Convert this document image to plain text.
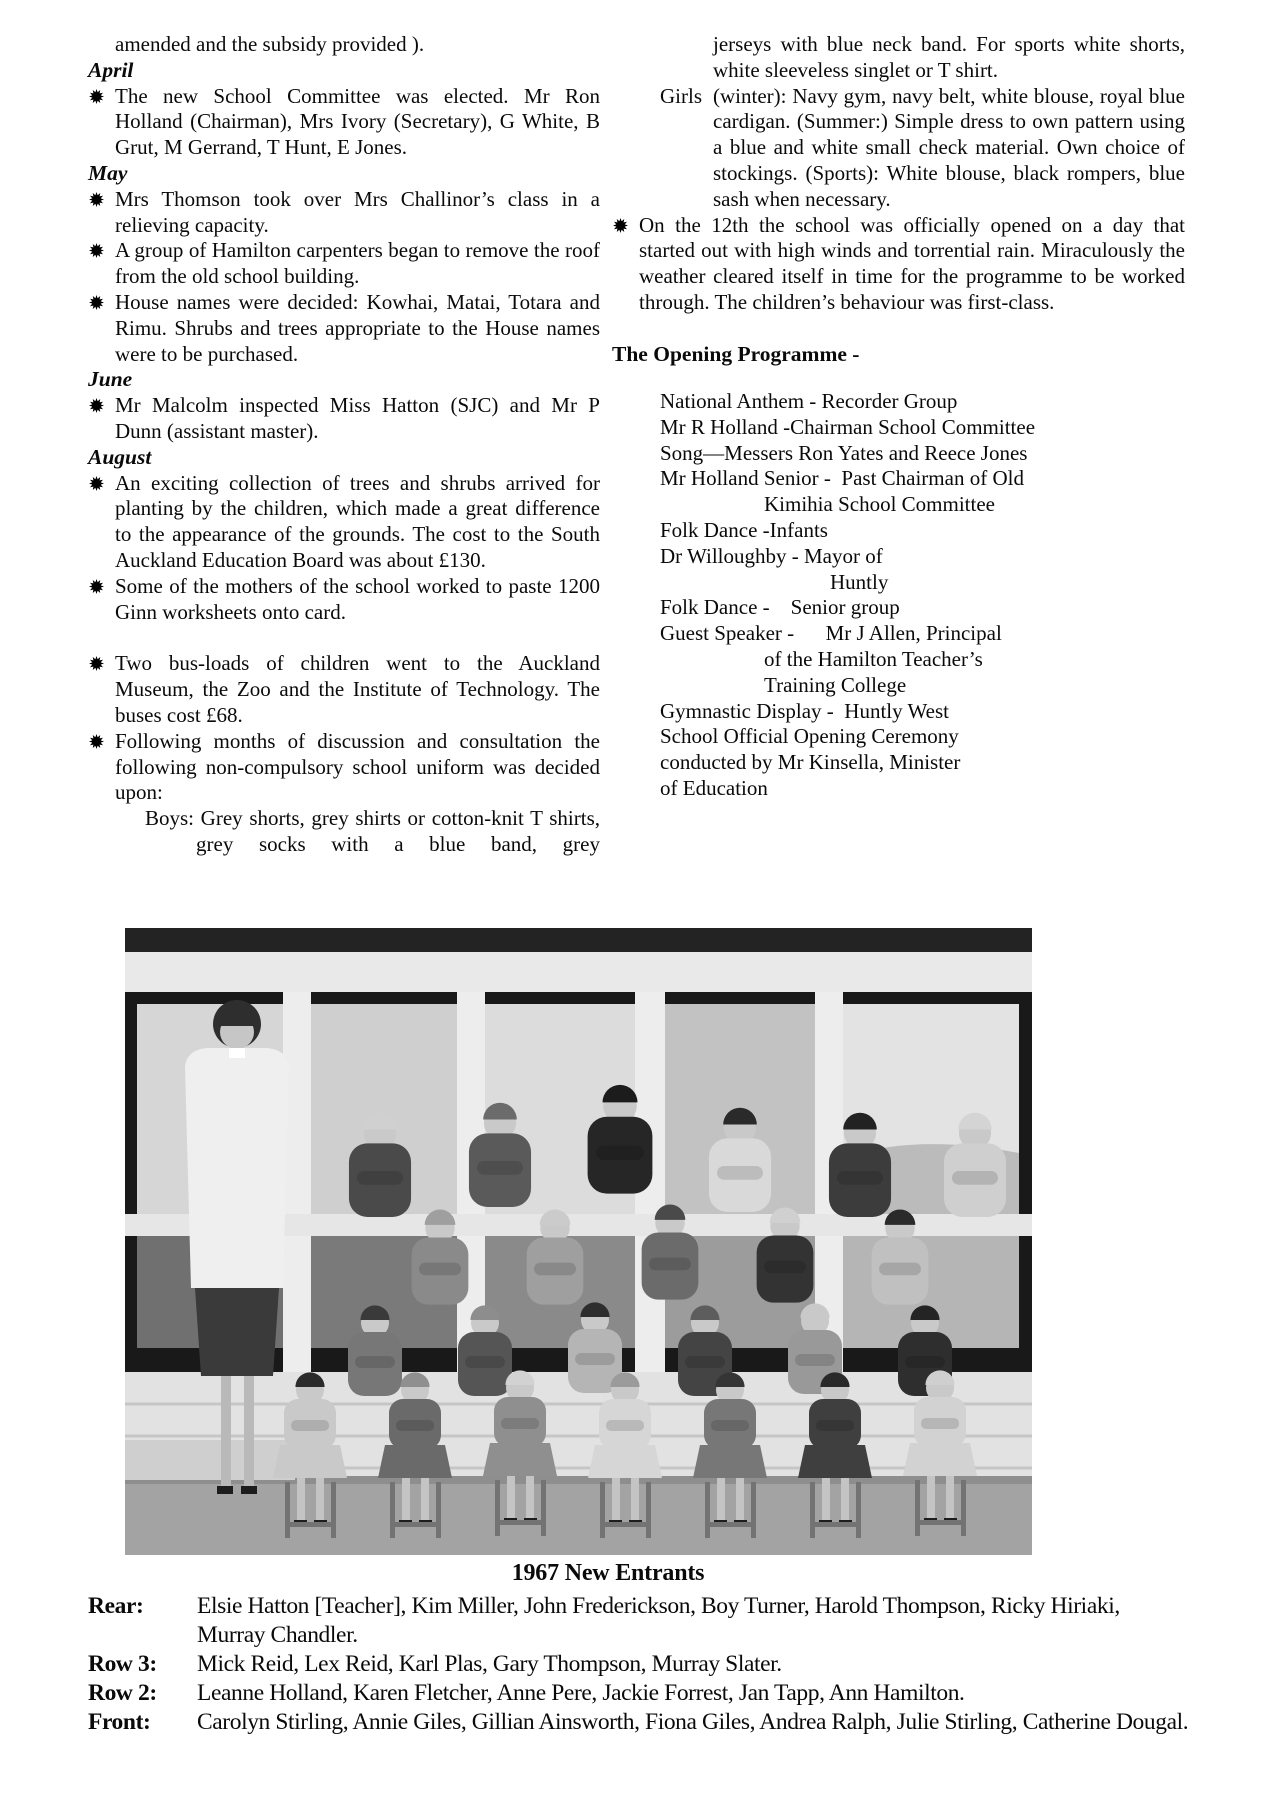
amended and the subsidy provided ).

April

The new School Committee was elected. Mr Ron Holland (Chairman), Mrs Ivory (Secretary), G White, B Grut, M Gerrand, T Hunt, E Jones.

May

Mrs Thomson took over Mrs Challinor’s class in a relieving capacity.

A group of Hamilton carpenters began to remove the roof from the old school building.

House names were decided: Kowhai, Matai, Totara and Rimu. Shrubs and trees appropriate to the House names were to be purchased.

June

Mr Malcolm inspected Miss Hatton (SJC) and Mr P Dunn (assistant master).

August

An exciting collection of trees and shrubs arrived for planting by the children, which made a great difference to the appearance of the grounds. The cost to the South Auckland Education Board was about £130.

Some of the mothers of the school worked to paste 1200 Ginn worksheets onto card.

Two bus-loads of children went to the Auckland Museum, the Zoo and the Institute of Technology. The buses cost £68.

Following months of discussion and consultation the following non-compulsory school uniform was decided upon:

Boys: Grey shorts, grey shirts or cotton-knit T shirts, grey socks with a blue band, grey

jerseys with blue neck band. For sports white shorts, white sleeveless singlet or T shirt.

Girls (winter): Navy gym, navy belt, white blouse, royal blue cardigan. (Summer:) Simple dress to own pattern using a blue and white small check material. Own choice of stockings. (Sports): White blouse, black rompers, blue sash when necessary.

On the 12th the school was officially opened on a day that started out with high winds and torrential rain. Miraculously the weather cleared itself in time for the programme to be worked through. The children’s behaviour was first-class.

The Opening Programme -
National Anthem - Recorder Group
Mr R Holland -Chairman School Committee
Song—Messers Ron Yates and Reece Jones
Mr Holland Senior -  Past Chairman of Old
Kimihia School Committee
Folk Dance -Infants
Dr Willoughby - Mayor of
Huntly
Folk Dance -    Senior group
Guest Speaker -      Mr J Allen, Principal
of the Hamilton Teacher’s
Training College
Gymnastic Display -  Huntly West
School Official Opening Ceremony
conducted by Mr Kinsella, Minister
of Education
1967 New Entrants
Rear:	Elsie Hatton [Teacher], Kim Miller, John Frederickson, Boy Turner, Harold Thompson, Ricky Hiriaki, Murray Chandler.
Row 3:	Mick Reid, Lex Reid, Karl Plas, Gary Thompson, Murray Slater.
Row 2:	Leanne Holland, Karen Fletcher, Anne Pere, Jackie Forrest, Jan Tapp, Ann Hamilton.
Front:	Carolyn Stirling, Annie Giles, Gillian Ainsworth, Fiona Giles, Andrea Ralph, Julie Stirling, Catherine Dougal.
